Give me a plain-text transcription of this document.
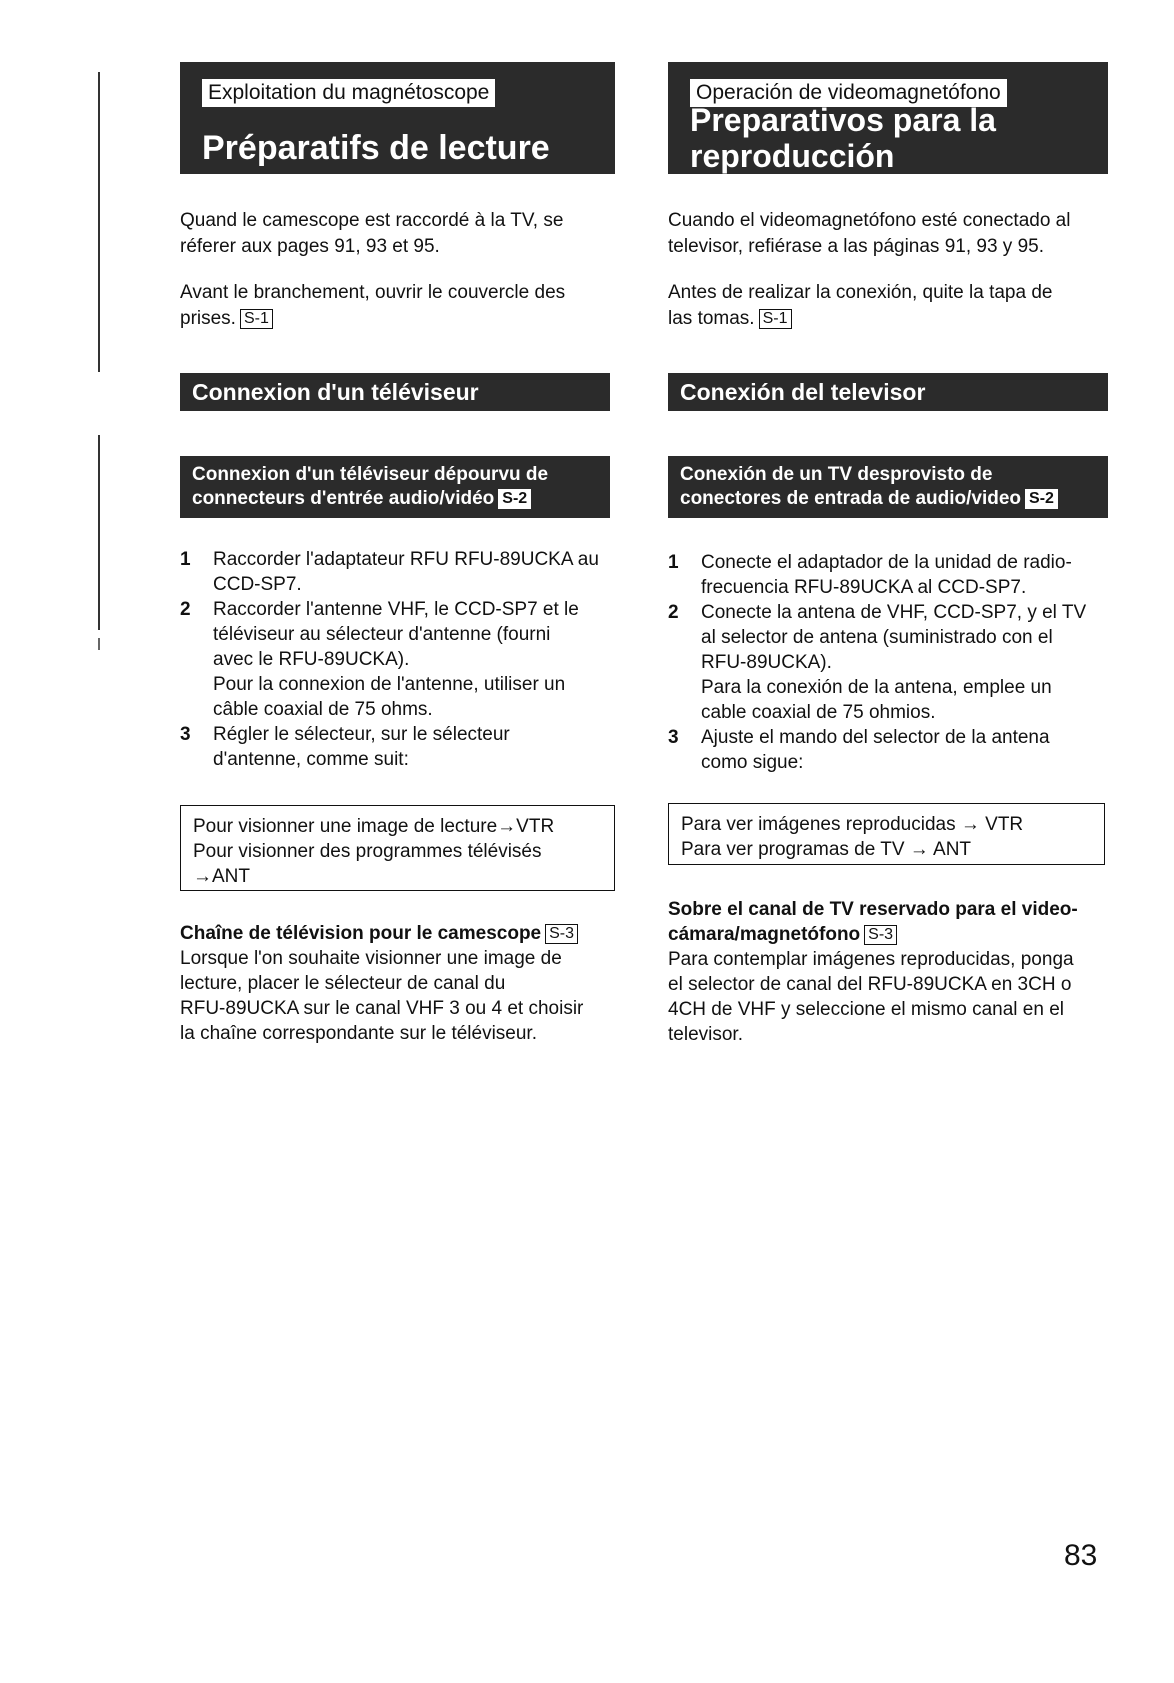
Exploitation du magnétoscope
Préparatifs de lecture

Quand le camescope est raccordé à la TV, se
réferer aux pages 91, 93 et 95.

Avant le branchement, ouvrir le couvercle des
prises. S-1

Connexion d'un téléviseur
Connexion d'un téléviseur dépourvu de
connecteurs d'entrée audio/vidéo S-2
1 Raccorder l'adaptateur RFU RFU-89UCKA au
CCD-SP7.
2 Raccorder l'antenne VHF, le CCD-SP7 et le
téléviseur au sélecteur d'antenne (fourni
avec le RFU-89UCKA).
Pour la connexion de l'antenne, utiliser un
câble coaxial de 75 ohms.
3 Régler le sélecteur, sur le sélecteur
d'antenne, comme suit:
Pour visionner une image de lecture→VTR
Pour visionner des programmes télévisés
→ANT
Chaîne de télévision pour le camescope S-3
Lorsque l'on souhaite visionner une image de
lecture, placer le sélecteur de canal du
RFU-89UCKA sur le canal VHF 3 ou 4 et choisir
la chaîne correspondante sur le téléviseur.
Operación de videomagnetófono
Preparativos para la
reproducción

Cuando el videomagnetófono esté conectado al
televisor, refiérase a las páginas 91, 93 y 95.

Antes de realizar la conexión, quite la tapa de
las tomas. S-1

Conexión del televisor
Conexión de un TV desprovisto de
conectores de entrada de audio/video S-2
1 Conecte el adaptador de la unidad de radio-
frecuencia RFU-89UCKA al CCD-SP7.
2 Conecte la antena de VHF, CCD-SP7, y el TV
al selector de antena (suministrado con el
RFU-89UCKA).
Para la conexión de la antena, emplee un
cable coaxial de 75 ohmios.
3 Ajuste el mando del selector de la antena
como sigue:
Para ver imágenes reproducidas → VTR
Para ver programas de TV → ANT
Sobre el canal de TV reservado para el video-
cámara/magnetófono S-3
Para contemplar imágenes reproducidas, ponga
el selector de canal del RFU-89UCKA en 3CH o
4CH de VHF y seleccione el mismo canal en el
televisor.
83
